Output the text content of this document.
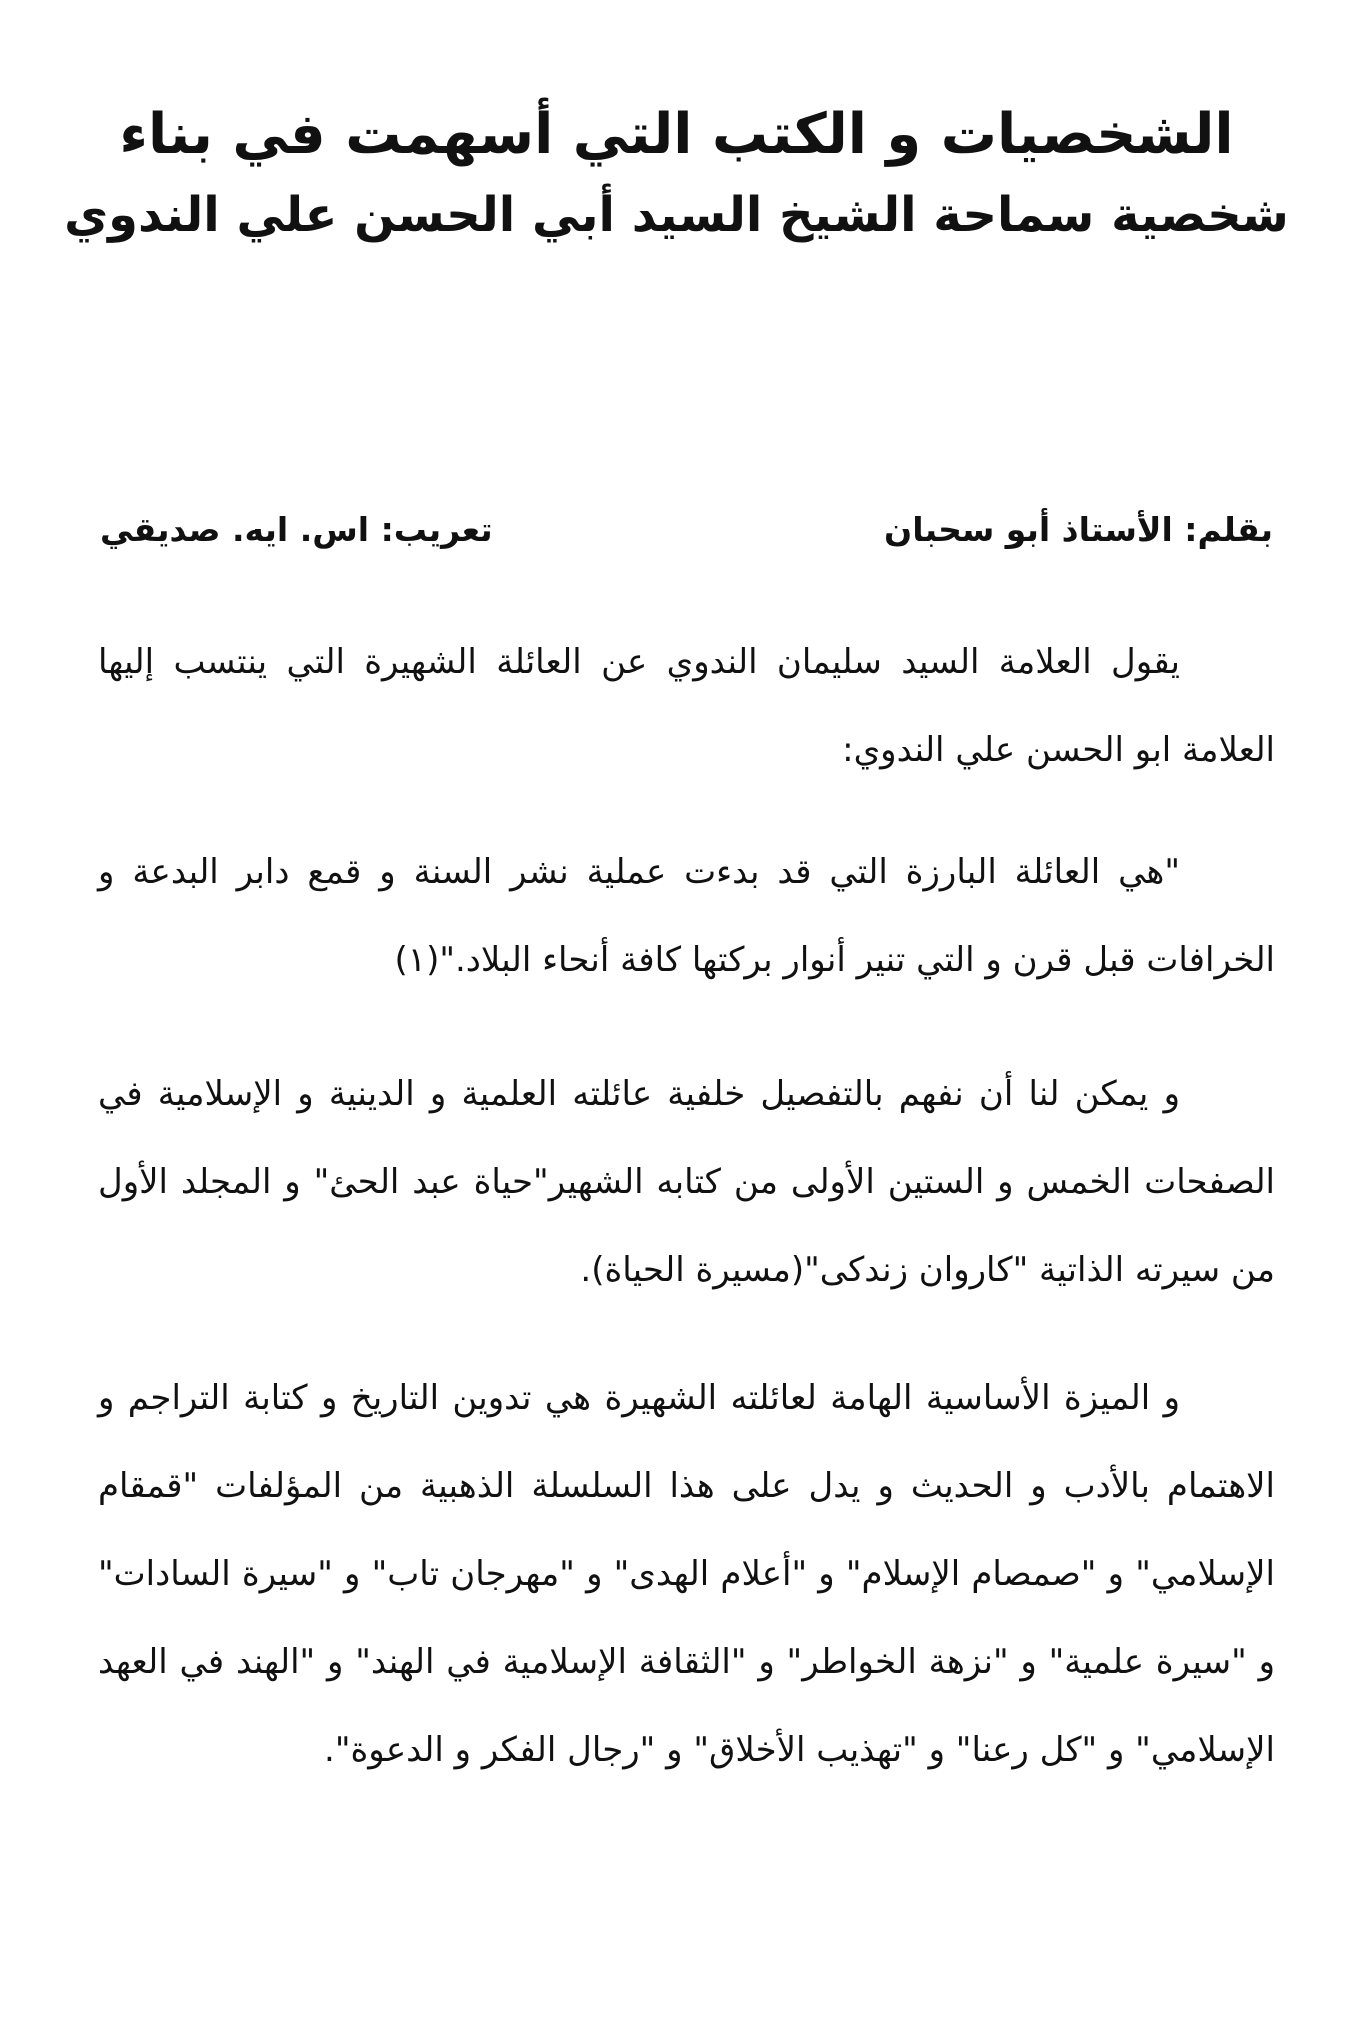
الشخصيات و الكتب التي أسهمت في بناء
شخصية سماحة الشيخ السيد أبي الحسن علي الندوي
بقلم: الأستاذ أبو سحبان
تعريب: اس. ايه. صديقي

يقول العلامة السيد سليمان الندوي عن العائلة الشهيرة التي ينتسب إليها العلامة ابو الحسن علي الندوي:

"هي العائلة البارزة التي قد بدءت عملية نشر السنة و قمع دابر البدعة و الخرافات قبل قرن و التي تنير أنوار بركتها كافة أنحاء البلاد."(١)

و يمكن لنا أن نفهم بالتفصيل خلفية عائلته العلمية و الدينية و الإسلامية في الصفحات الخمس و الستين الأولى من كتابه الشهير"حياة عبد الحئ" و المجلد الأول من سيرته الذاتية "كاروان زندكى"(مسيرة الحياة).

و الميزة الأساسية الهامة لعائلته الشهيرة هي تدوين التاريخ و كتابة التراجم و الاهتمام بالأدب و الحديث و يدل على هذا السلسلة الذهبية من المؤلفات "قمقام الإسلامي" و "صمصام الإسلام" و "أعلام الهدى" و "مهرجان تاب" و "سيرة السادات" و "سيرة علمية" و "نزهة الخواطر" و "الثقافة الإسلامية في الهند" و "الهند في العهد الإسلامي" و "كل رعنا" و "تهذيب الأخلاق" و "رجال الفكر و الدعوة".
